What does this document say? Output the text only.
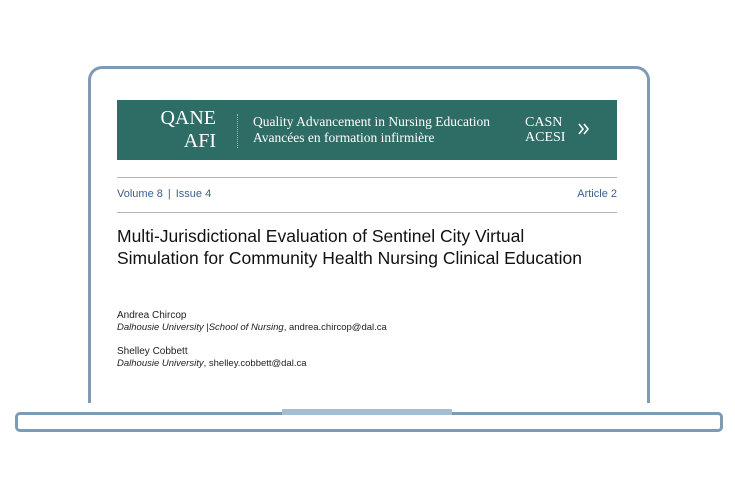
QANE
AFI
Quality Advancement in Nursing Education
Avancées en formation infirmière
CASN
ACESI
Volume 8 | Issue 4	Article 2
Multi-Jurisdictional Evaluation of Sentinel City Virtual Simulation for Community Health Nursing Clinical Education
Andrea Chircop
Dalhousie University |School of Nursing, andrea.chircop@dal.ca
Shelley Cobbett
Dalhousie University, shelley.cobbett@dal.ca
